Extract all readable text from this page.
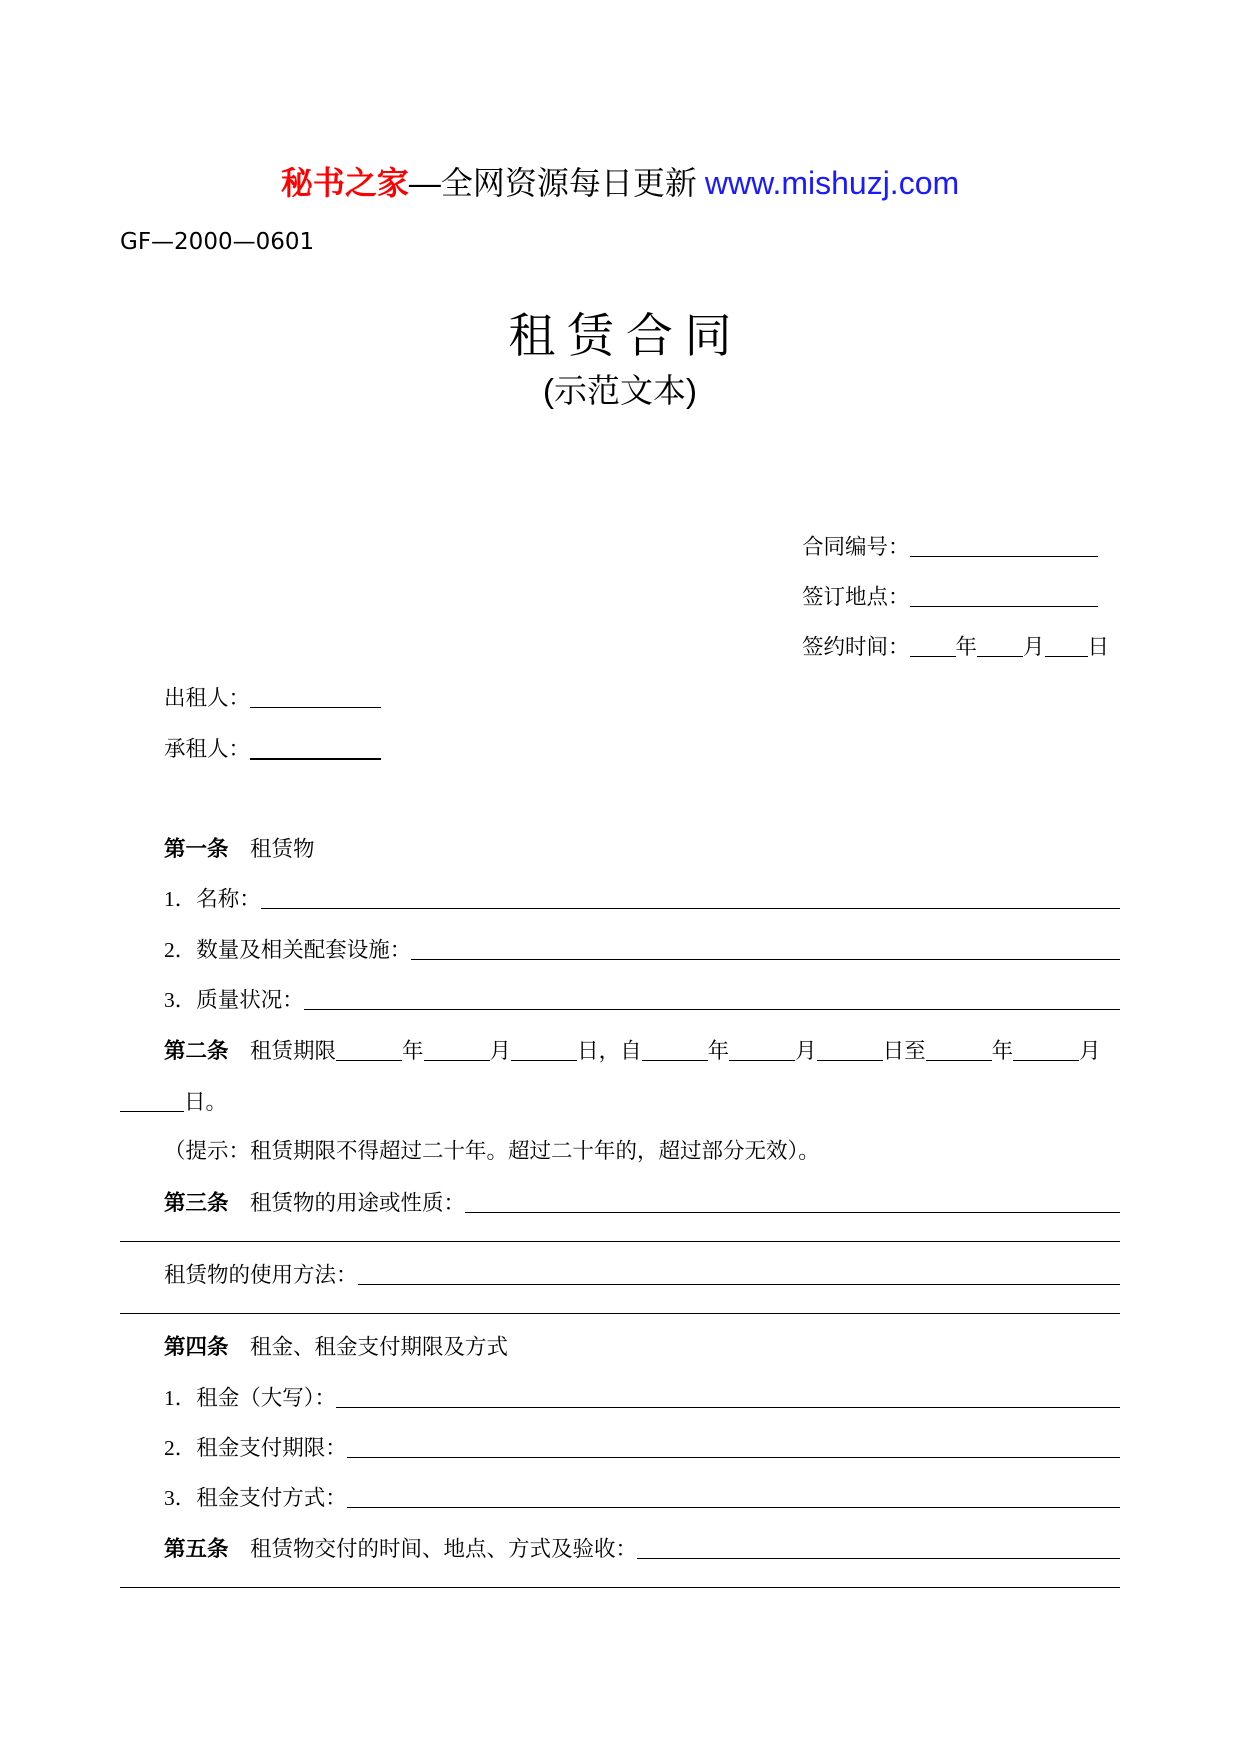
秘书之家—全网资源每日更新 www.mishuzj.com
GF—2000—0601
租 赁 合 同
(示范文本)
合同编号：
签订地点：
签约时间： 年 月 日
出租人：
承租人：
第一条 租赁物
1．名称：
2．数量及相关配套设施：
3．质量状况：
第二条 租赁期限	年	月	日，自	年	月	日至	年	月
日。
（提示：租赁期限不得超过二十年。超过二十年的，超过部分无效）。
第三条 租赁物的用途或性质：
租赁物的使用方法：
第四条 租金、租金支付期限及方式
1．租金（大写）：
2．租金支付期限：
3．租金支付方式：
第五条 租赁物交付的时间、地点、方式及验收：
